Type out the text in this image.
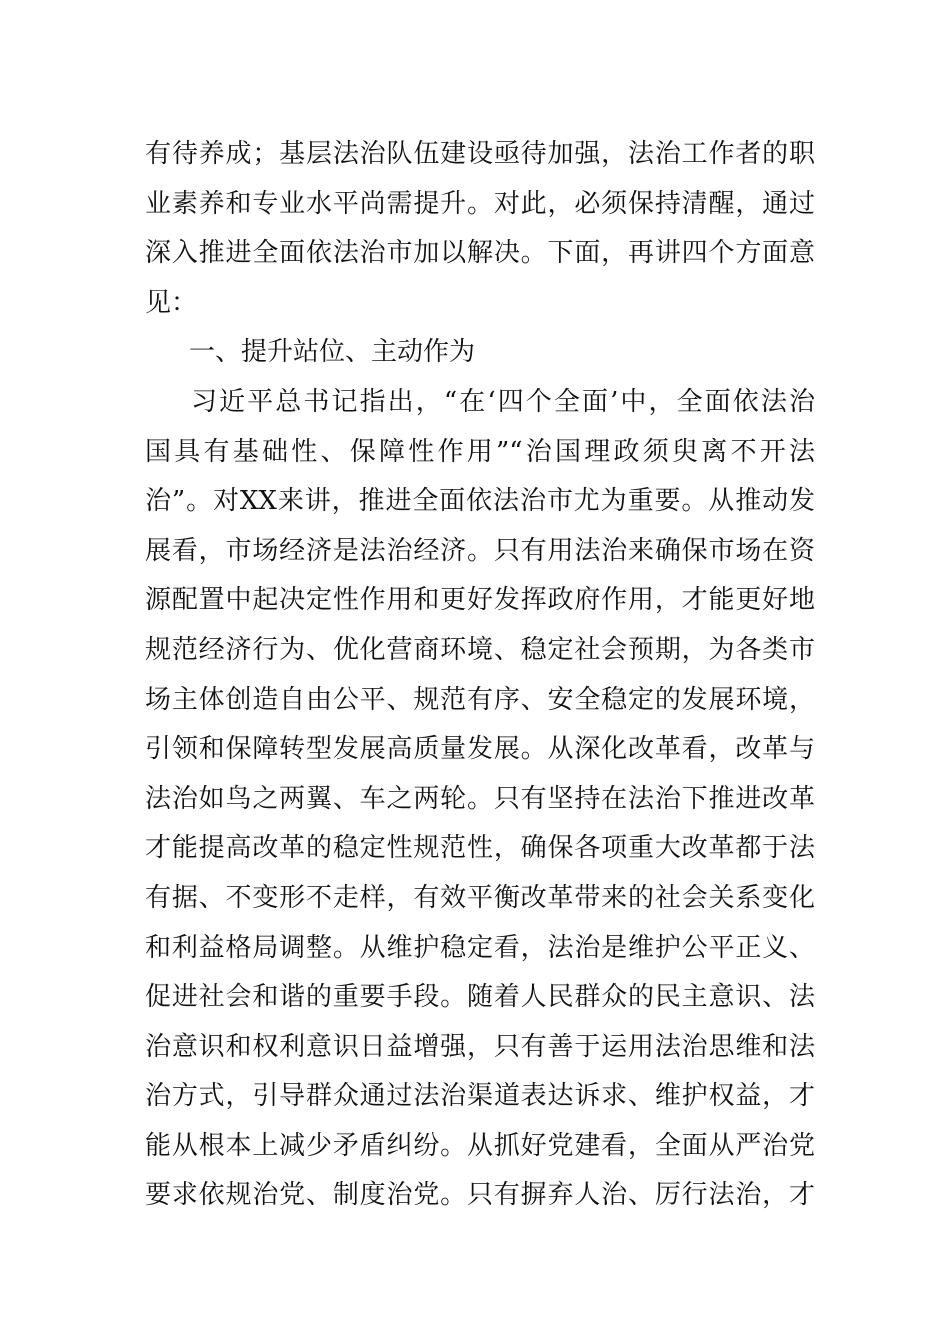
有待养成；基层法治队伍建设亟待加强，法治工作者的职
业素养和专业水平尚需提升。对此，必须保持清醒，通过
深入推进全面依法治市加以解决。下面，再讲四个方面意
见：
一、提升站位、主动作为
习近平总书记指出，“在‘四个全面’中，全面依法治
国具有基础性、保障性作用”“治国理政须臾离不开法
治”。对XX来讲，推进全面依法治市尤为重要。从推动发
展看，市场经济是法治经济。只有用法治来确保市场在资
源配置中起决定性作用和更好发挥政府作用，才能更好地
规范经济行为、优化营商环境、稳定社会预期，为各类市
场主体创造自由公平、规范有序、安全稳定的发展环境，
引领和保障转型发展高质量发展。从深化改革看，改革与
法治如鸟之两翼、车之两轮。只有坚持在法治下推进改革
才能提高改革的稳定性规范性，确保各项重大改革都于法
有据、不变形不走样，有效平衡改革带来的社会关系变化
和利益格局调整。从维护稳定看，法治是维护公平正义、
促进社会和谐的重要手段。随着人民群众的民主意识、法
治意识和权利意识日益增强，只有善于运用法治思维和法
治方式，引导群众通过法治渠道表达诉求、维护权益，才
能从根本上减少矛盾纠纷。从抓好党建看，全面从严治党
要求依规治党、制度治党。只有摒弃人治、厉行法治，才
